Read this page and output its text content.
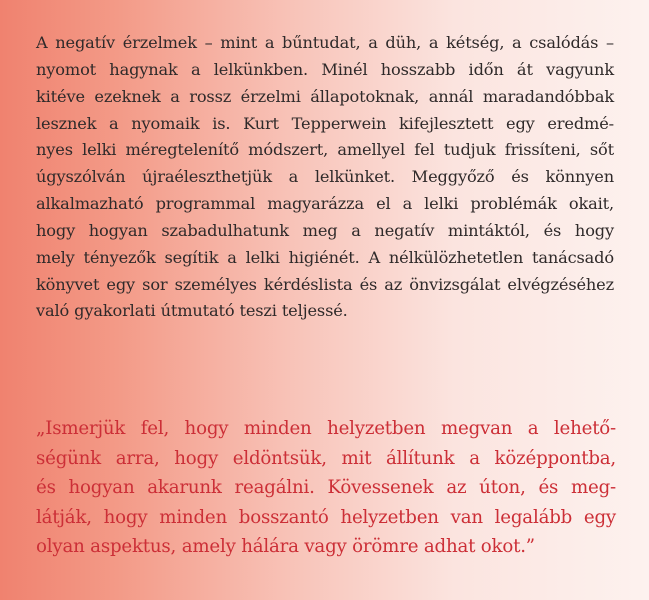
A negatív érzelmek – mint a bűntudat, a düh, a kétség, a csalódás –
nyomot hagynak a lelkünkben. Minél hosszabb időn át vagyunk
kitéve ezeknek a rossz érzelmi állapotoknak, annál maradandóbbak
lesznek a nyomaik is. Kurt Tepperwein kifejlesztett egy eredmé-
nyes lelki méregtelenítő módszert, amellyel fel tudjuk frissíteni, sőt
úgyszólván újraéleszthetjük a lelkünket. Meggyőző és könnyen
alkalmazható programmal magyarázza el a lelki problémák okait,
hogy hogyan szabadulhatunk meg a negatív mintáktól, és hogy
mely tényezők segítik a lelki higiénét. A nélkülözhetetlen tanácsadó
könyvet egy sor személyes kérdéslista és az önvizsgálat elvégzéséhez
való gyakorlati útmutató teszi teljessé.
„Ismerjük fel, hogy minden helyzetben megvan a lehető-
ségünk arra, hogy eldöntsük, mit állítunk a középpontba,
és hogyan akarunk reagálni. Kövessenek az úton, és meg-
látják, hogy minden bosszantó helyzetben van legalább egy
olyan aspektus, amely hálára vagy örömre adhat okot.”
